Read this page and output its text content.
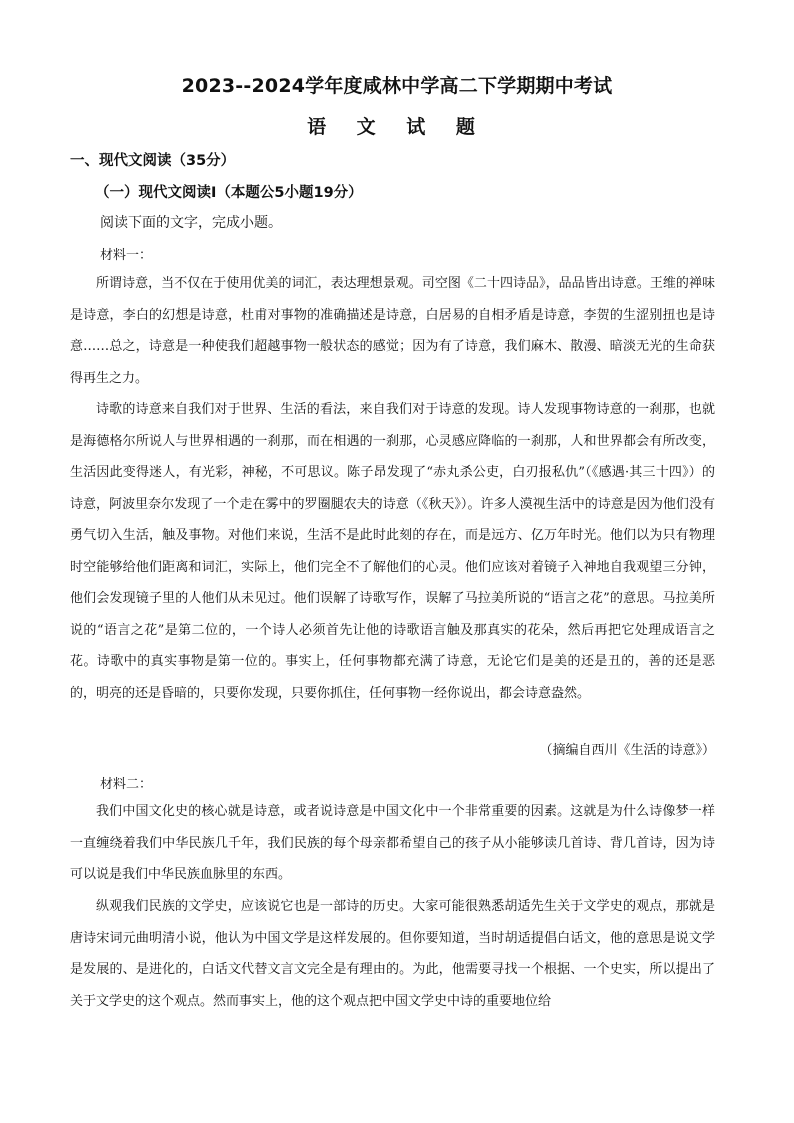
2023--2024学年度咸林中学高二下学期期中考试
语 文 试 题
一、现代文阅读（35分）
（一）现代文阅读Ⅰ（本题公5小题19分）
阅读下面的文字，完成小题。
材料一：
所谓诗意，当不仅在于使用优美的词汇，表达理想景观。司空图《二十四诗品》，品品皆出诗意。王维的禅味是诗意，李白的幻想是诗意，杜甫对事物的准确描述是诗意，白居易的自相矛盾是诗意，李贺的生涩别扭也是诗意……总之，诗意是一种使我们超越事物一般状态的感觉；因为有了诗意，我们麻木、散漫、暗淡无光的生命获得再生之力。
诗歌的诗意来自我们对于世界、生活的看法，来自我们对于诗意的发现。诗人发现事物诗意的一刹那，也就是海德格尔所说人与世界相遇的一刹那，而在相遇的一刹那，心灵感应降临的一刹那，人和世界都会有所改变，生活因此变得迷人，有光彩，神秘，不可思议。陈子昂发现了“赤丸杀公吏，白刃报私仇”（《感遇·其三十四》）的诗意，阿波里奈尔发现了一个走在雾中的罗圈腿农夫的诗意（《秋天》）。许多人漠视生活中的诗意是因为他们没有勇气切入生活，触及事物。对他们来说，生活不是此时此刻的存在，而是远方、亿万年时光。他们以为只有物理时空能够给他们距离和词汇，实际上，他们完全不了解他们的心灵。他们应该对着镜子入神地自我观望三分钟，他们会发现镜子里的人他们从未见过。他们误解了诗歌写作，误解了马拉美所说的“语言之花”的意思。马拉美所说的“语言之花”是第二位的，一个诗人必须首先让他的诗歌语言触及那真实的花朵，然后再把它处理成语言之花。诗歌中的真实事物是第一位的。事实上，任何事物都充满了诗意，无论它们是美的还是丑的，善的还是恶的，明亮的还是昏暗的，只要你发现，只要你抓住，任何事物一经你说出，都会诗意盎然。
（摘编自西川《生活的诗意》）
材料二：
我们中国文化史的核心就是诗意，或者说诗意是中国文化中一个非常重要的因素。这就是为什么诗像梦一样一直缠绕着我们中华民族几千年，我们民族的每个母亲都希望自己的孩子从小能够读几首诗、背几首诗，因为诗可以说是我们中华民族血脉里的东西。
纵观我们民族的文学史，应该说它也是一部诗的历史。大家可能很熟悉胡适先生关于文学史的观点，那就是唐诗宋词元曲明清小说，他认为中国文学是这样发展的。但你要知道，当时胡适提倡白话文，他的意思是说文学是发展的、是进化的，白话文代替文言文完全是有理由的。为此，他需要寻找一个根据、一个史实，所以提出了关于文学史的这个观点。然而事实上，他的这个观点把中国文学史中诗的重要地位给
